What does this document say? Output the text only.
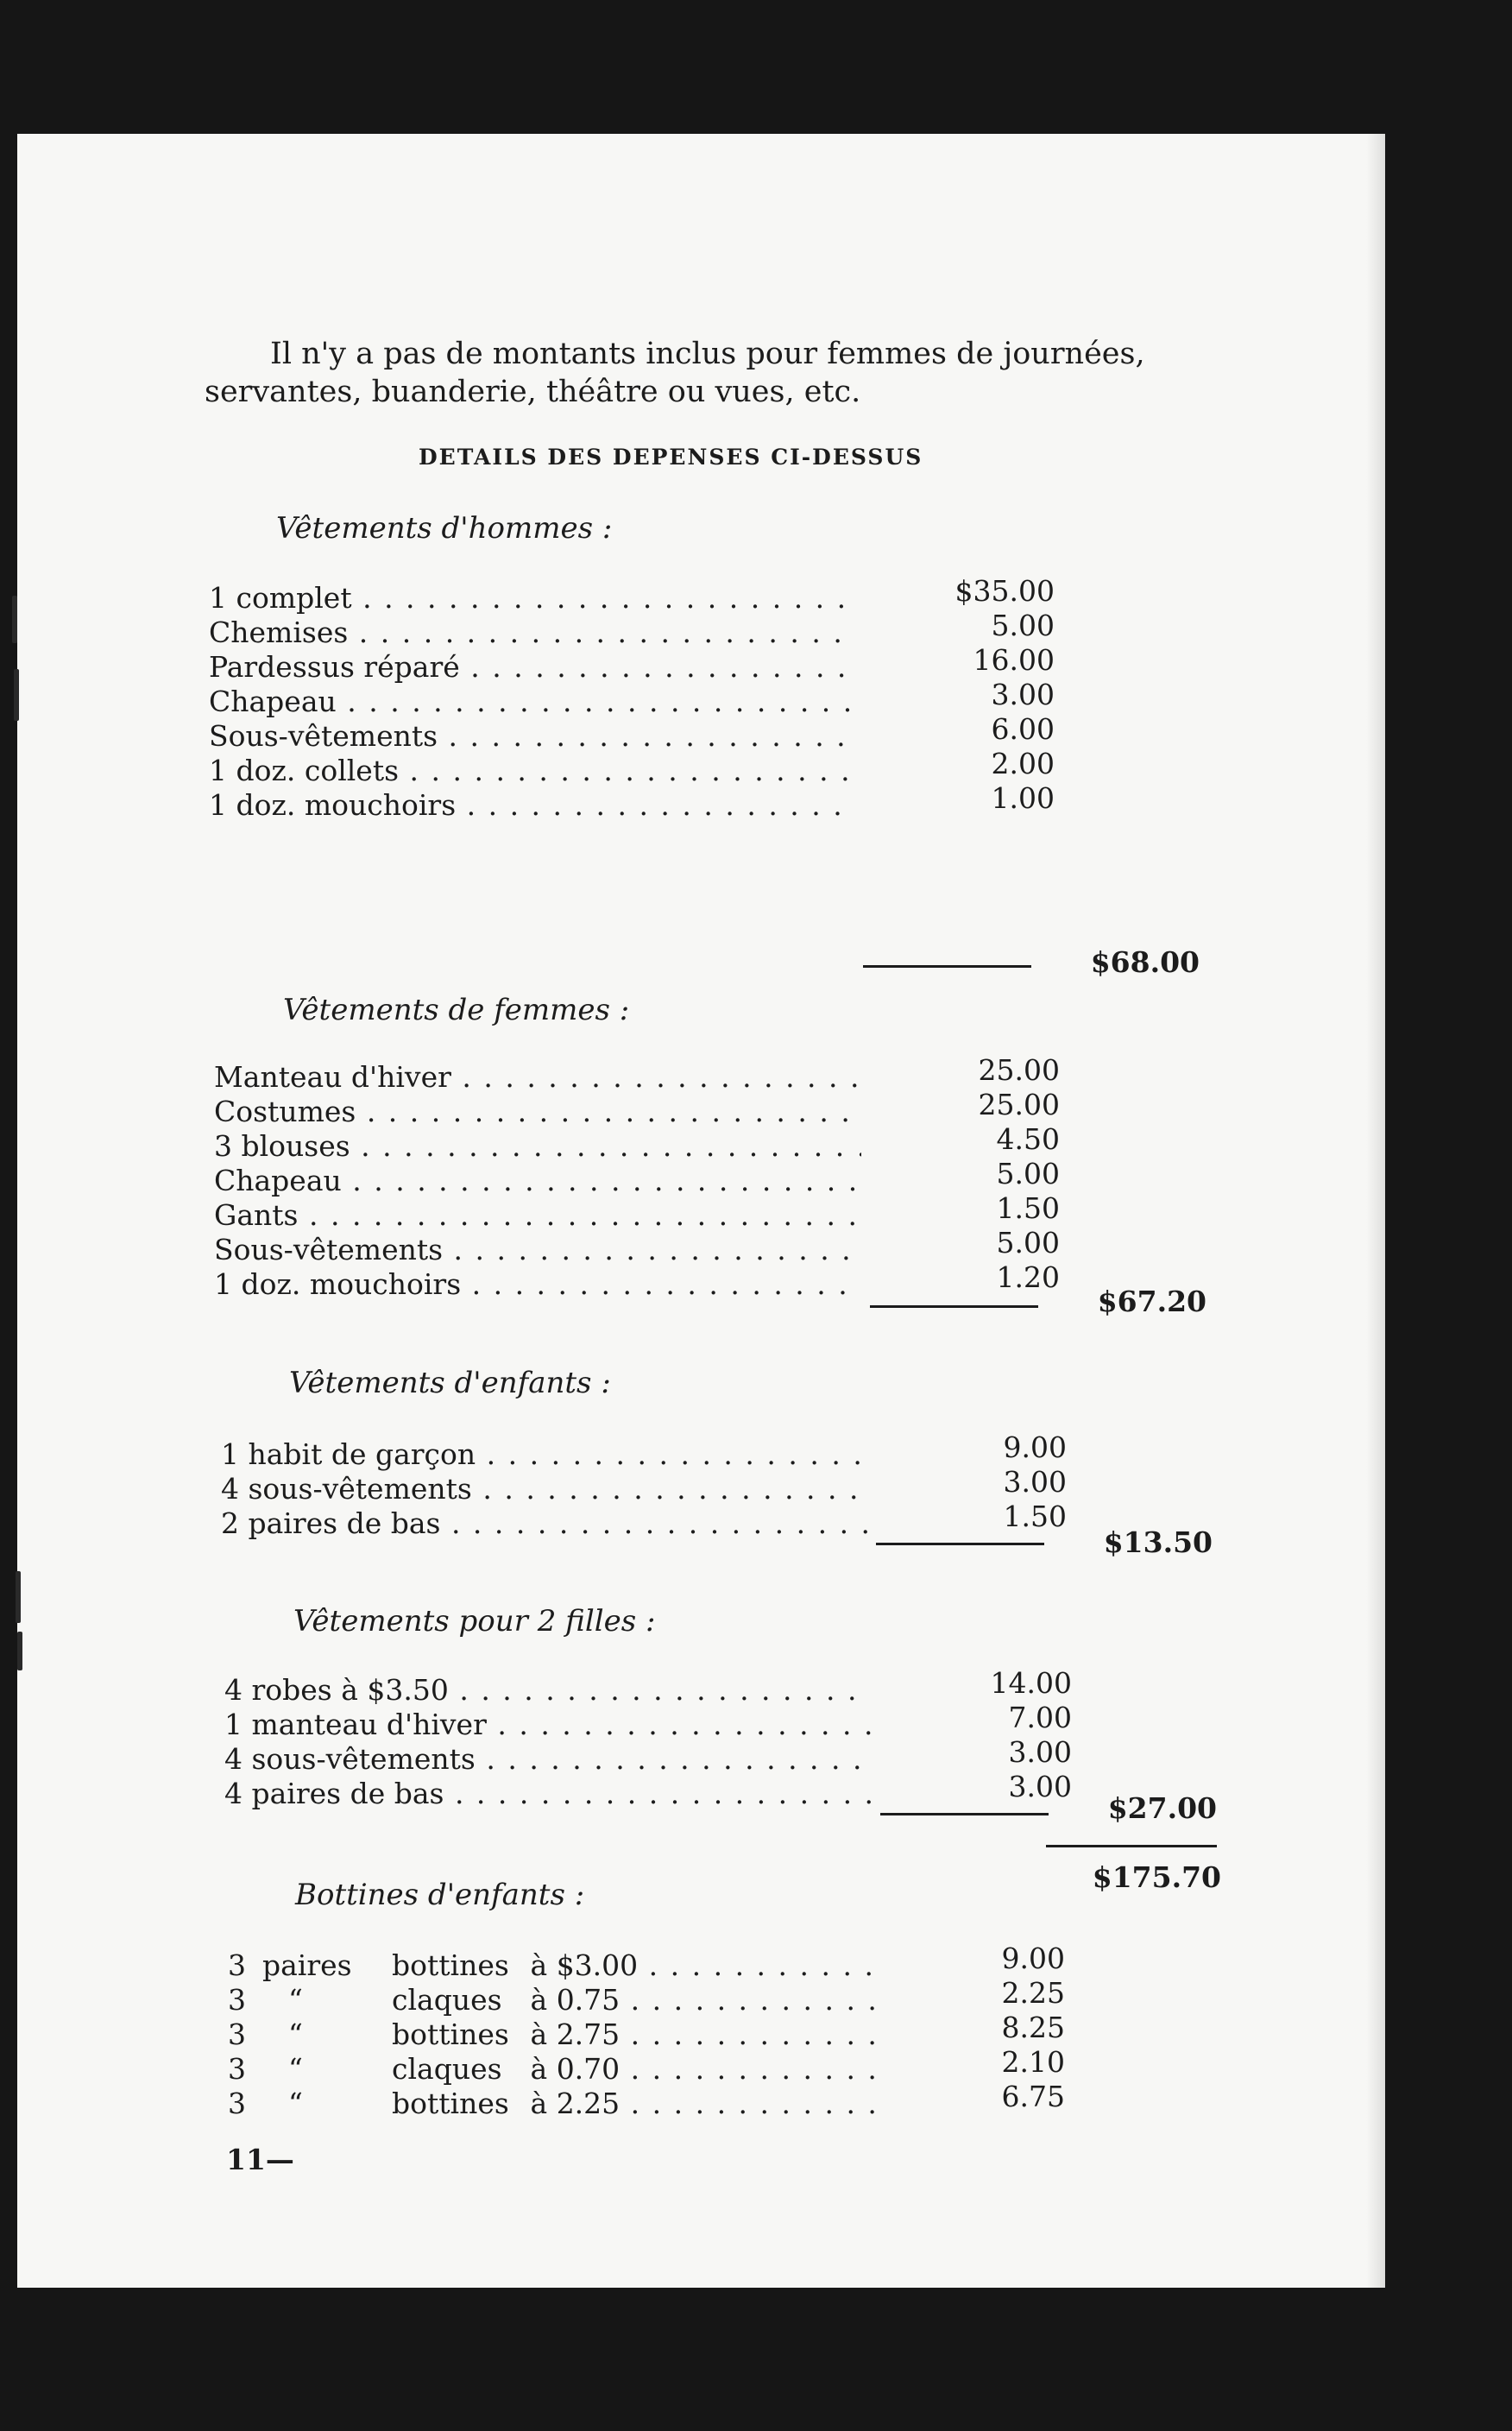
Il n'y a pas de montants inclus pour femmes de journées,
servantes, buanderie, théâtre ou vues, etc.
DETAILS DES DEPENSES CI-DESSUS
Vêtements d'hommes :
1 complet . . .	$35.00
Chemises . . .	5.00
Pardessus réparé . . .	16.00
Chapeau . . .	3.00
Sous-vêtements . . .	6.00
1 doz. collets . . .	2.00
1 doz. mouchoirs . . .	1.00
$68.00
Vêtements de femmes :
Manteau d'hiver . . .	25.00
Costumes . . .	25.00
3 blouses . . .	4.50
Chapeau . . .	5.00
Gants . . .	1.50
Sous-vêtements . . .	5.00
1 doz. mouchoirs . . .	1.20
$67.20
Vêtements d'enfants :
1 habit de garçon . . .	9.00
4 sous-vêtements . . .	3.00
2 paires de bas . . .	1.50
$13.50
Vêtements pour 2 filles :
4 robes à $3.50 . . .	14.00
1 manteau d'hiver . . .	7.00
4 sous-vêtements . . .	3.00
4 paires de bas . . .	3.00
$27.00
$175.70
Bottines d'enfants :
3 paires bottines à $3.00 . . .	9.00
3 “	claques à 0.75 . . .	2.25
3 “	bottines à 2.75 . . .	8.25
3 “	claques à 0.70 . . .	2.10
3 “	bottines à 2.25 . . .	6.75
11—
